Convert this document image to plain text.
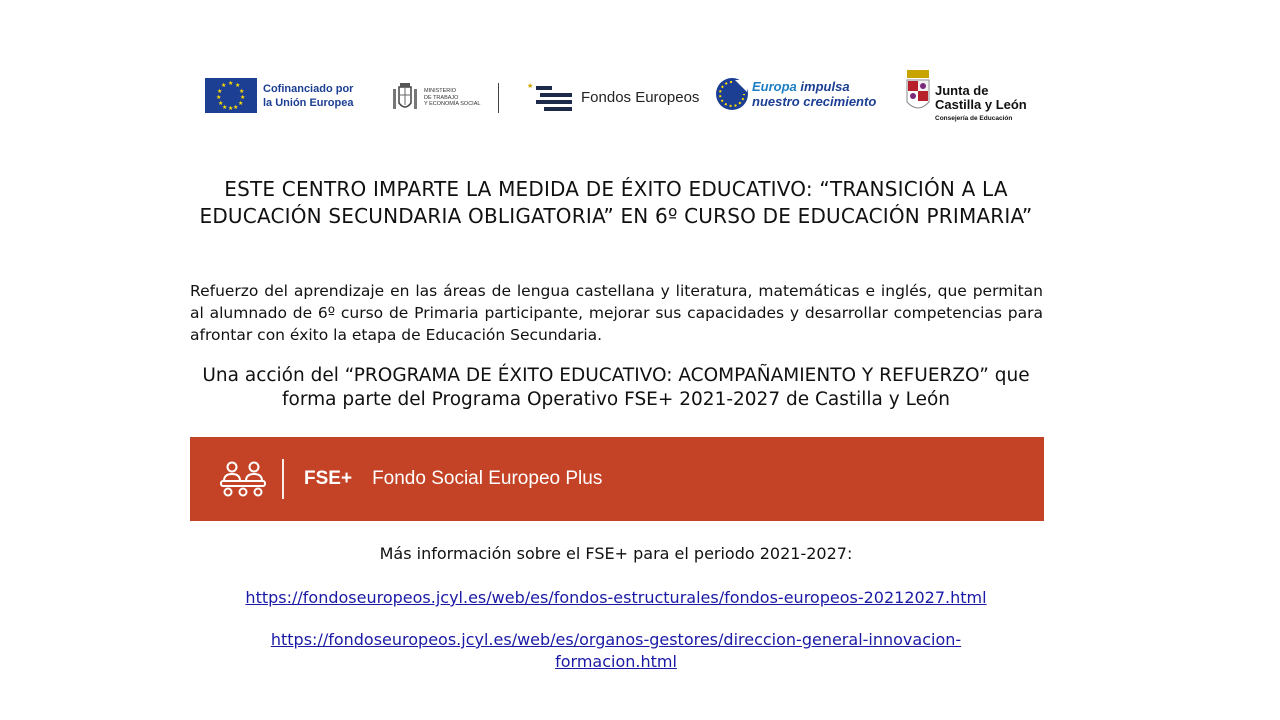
★ ★
★
★
★
★
★
★
★
★
★
★	Cofinanciado por
la Unión Europea
MINISTERIO
DE TRABAJO
Y ECONOMÍA SOCIAL
★
Fondos Europeos
Europa impulsa
nuestro crecimiento
Junta de
Castilla y León
Consejería de Educación
ESTE CENTRO IMPARTE LA MEDIDA DE ÉXITO EDUCATIVO: “TRANSICIÓN A LA EDUCACIÓN SECUNDARIA OBLIGATORIA” EN 6º CURSO DE EDUCACIÓN PRIMARIA”
Refuerzo del aprendizaje en las áreas de lengua castellana y literatura, matemáticas e inglés, que permitan al alumnado de 6º curso de Primaria participante, mejorar sus capacidades y desarrollar competencias para afrontar con éxito la etapa de Educación Secundaria.
Una acción del “PROGRAMA DE ÉXITO EDUCATIVO: ACOMPAÑAMIENTO Y REFUERZO” que forma parte del Programa Operativo FSE+ 2021-2027 de Castilla y León
FSE+ Fondo Social Europeo Plus
Más información sobre el FSE+ para el periodo 2021-2027:
https://fondoseuropeos.jcyl.es/web/es/fondos-estructurales/fondos-europeos-20212027.html
https://fondoseuropeos.jcyl.es/web/es/organos-gestores/direccion-general-innovacion-formacion.html
